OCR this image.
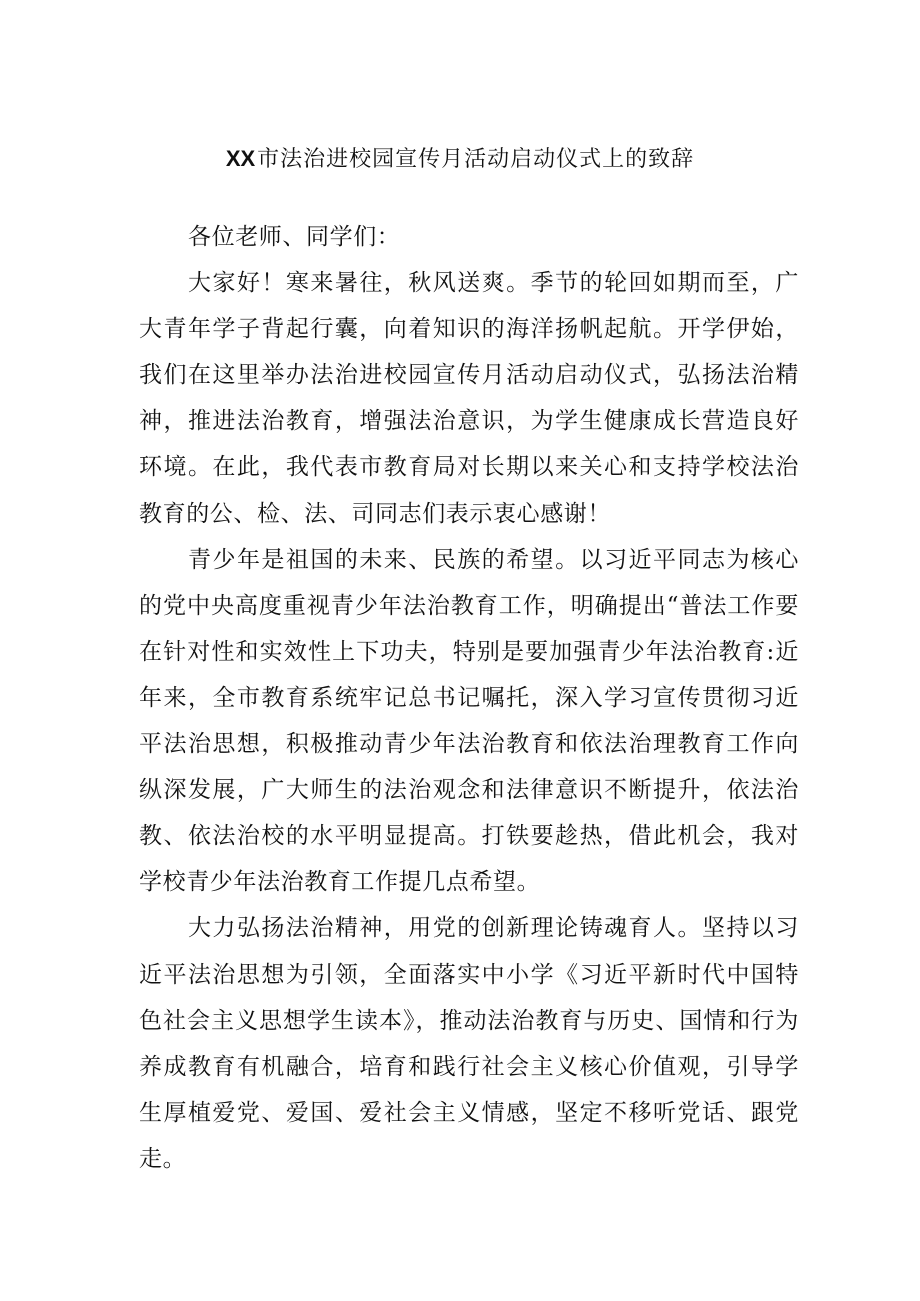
XX市法治进校园宣传月活动启动仪式上的致辞

各位老师、同学们：

大家好！寒来暑往，秋风送爽。季节的轮回如期而至，广大青年学子背起行囊，向着知识的海洋扬帆起航。开学伊始，我们在这里举办法治进校园宣传月活动启动仪式，弘扬法治精神，推进法治教育，增强法治意识，为学生健康成长营造良好环境。在此，我代表市教育局对长期以来关心和支持学校法治教育的公、检、法、司同志们表示衷心感谢！

青少年是祖国的未来、民族的希望。以习近平同志为核心的党中央高度重视青少年法治教育工作，明确提出“普法工作要在针对性和实效性上下功夫，特别是要加强青少年法治教育:近年来，全市教育系统牢记总书记嘱托，深入学习宣传贯彻习近平法治思想，积极推动青少年法治教育和依法治理教育工作向纵深发展，广大师生的法治观念和法律意识不断提升，依法治教、依法治校的水平明显提高。打铁要趁热，借此机会，我对学校青少年法治教育工作提几点希望。

大力弘扬法治精神，用党的创新理论铸魂育人。坚持以习近平法治思想为引领，全面落实中小学《习近平新时代中国特色社会主义思想学生读本》，推动法治教育与历史、国情和行为养成教育有机融合，培育和践行社会主义核心价值观，引导学生厚植爱党、爱国、爱社会主义情感，坚定不移听党话、跟党走。
